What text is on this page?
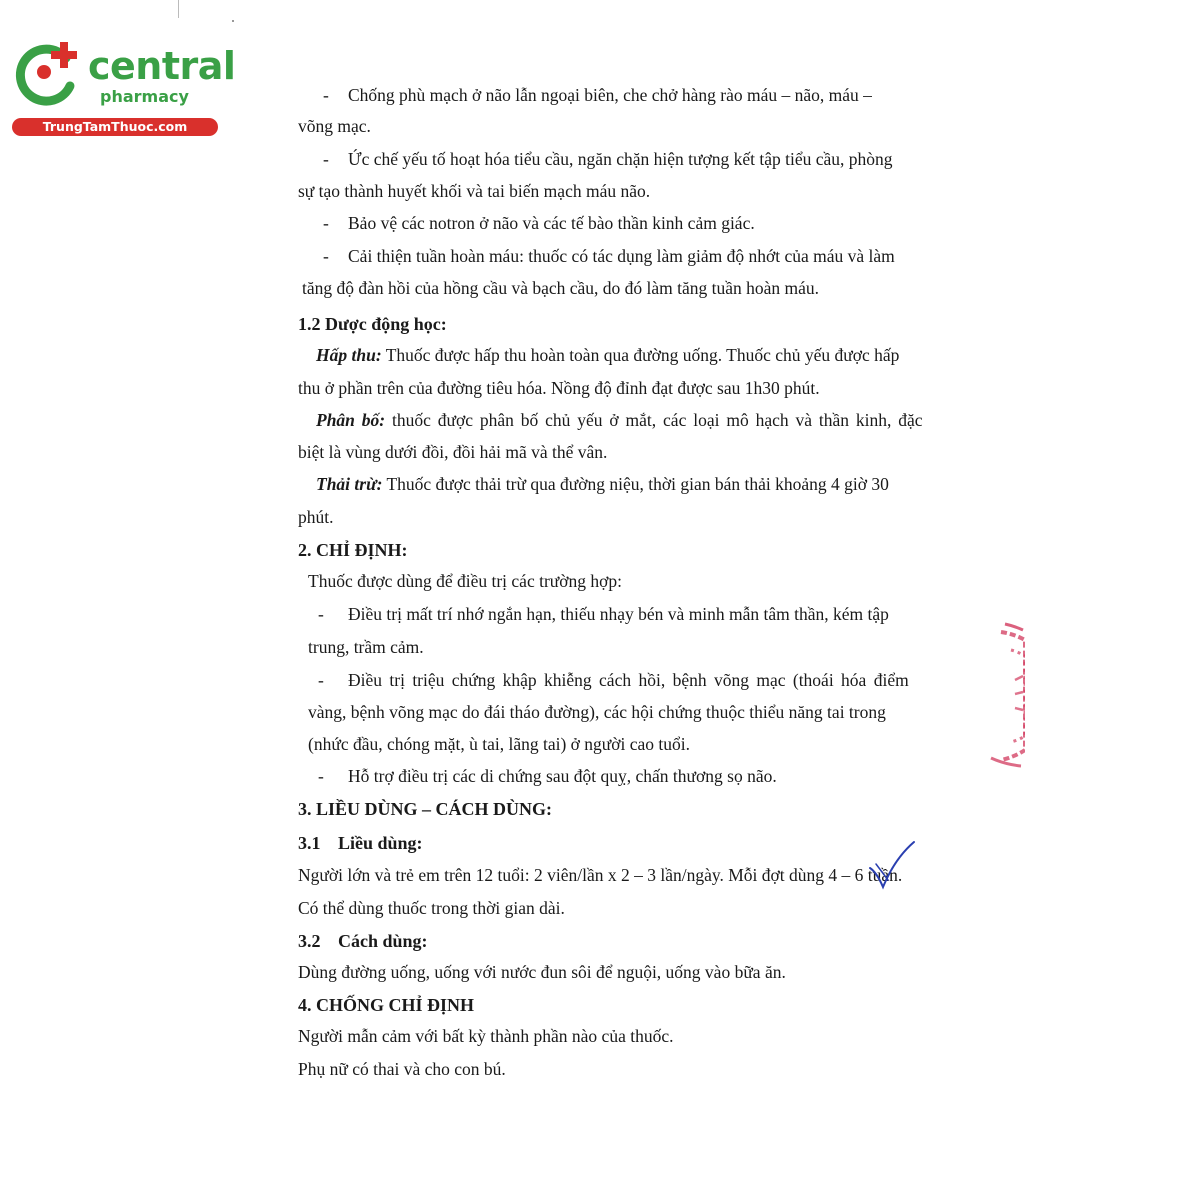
central
pharmacy
TrungTamThuoc.com
- Chống phù mạch ở não lẫn ngoại biên, che chở hàng rào máu – não, máu –
võng mạc.
- Ức chế yếu tố hoạt hóa tiểu cầu, ngăn chặn hiện tượng kết tập tiểu cầu, phòng
sự tạo thành huyết khối và tai biến mạch máu não.
- Bảo vệ các notron ở não và các tế bào thần kinh cảm giác.
- Cải thiện tuần hoàn máu: thuốc có tác dụng làm giảm độ nhớt của máu và làm
tăng độ đàn hồi của hồng cầu và bạch cầu, do đó làm tăng tuần hoàn máu.
1.2 Dược động học:
Hấp thu: Thuốc được hấp thu hoàn toàn qua đường uống. Thuốc chủ yếu được hấp
thu ở phần trên của đường tiêu hóa. Nồng độ đỉnh đạt được sau 1h30 phút.
Phân bố: thuốc được phân bố chủ yếu ở mắt, các loại mô hạch và thần kinh, đặc
biệt là vùng dưới đồi, đồi hải mã và thể vân.
Thải trừ: Thuốc được thải trừ qua đường niệu, thời gian bán thải khoảng 4 giờ 30
phút.
2. CHỈ ĐỊNH:
Thuốc được dùng để điều trị các trường hợp:
- Điều trị mất trí nhớ ngắn hạn, thiếu nhạy bén và minh mẫn tâm thần, kém tập
trung, trầm cảm.
- Điều trị triệu chứng khập khiễng cách hồi, bệnh võng mạc (thoái hóa điểm
vàng, bệnh võng mạc do đái tháo đường), các hội chứng thuộc thiểu năng tai trong
(nhức đầu, chóng mặt, ù tai, lãng tai) ở người cao tuổi.
- Hỗ trợ điều trị các di chứng sau đột quỵ, chấn thương sọ não.
3. LIỀU DÙNG – CÁCH DÙNG:
3.1 Liều dùng:
Người lớn và trẻ em trên 12 tuổi: 2 viên/lần x 2 – 3 lần/ngày. Mỗi đợt dùng 4 – 6 tuần.
Có thể dùng thuốc trong thời gian dài.
3.2 Cách dùng:
Dùng đường uống, uống với nước đun sôi để nguội, uống vào bữa ăn.
4. CHỐNG CHỈ ĐỊNH
Người mẫn cảm với bất kỳ thành phần nào của thuốc.
Phụ nữ có thai và cho con bú.
